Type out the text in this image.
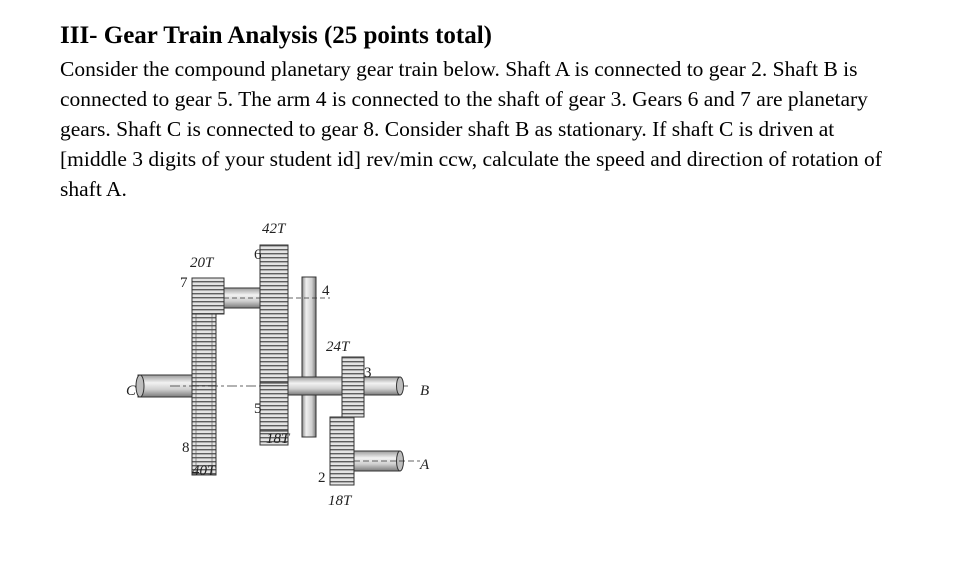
III- Gear Train Analysis (25 points total)

Consider the compound planetary gear train below. Shaft A is connected to gear 2. Shaft B is

connected to gear 5. The arm 4 is connected to the shaft of gear 3. Gears 6 and 7 are planetary

gears. Shaft C is connected to gear 8. Consider shaft B as stationary. If shaft C is driven at

[middle 3 digits of your student id] rev/min ccw, calculate the speed and direction of rotation of

shaft A.

42T
6
20T
7	4
24T
3
C	B
5
18T
8
40T	2
A
18T
